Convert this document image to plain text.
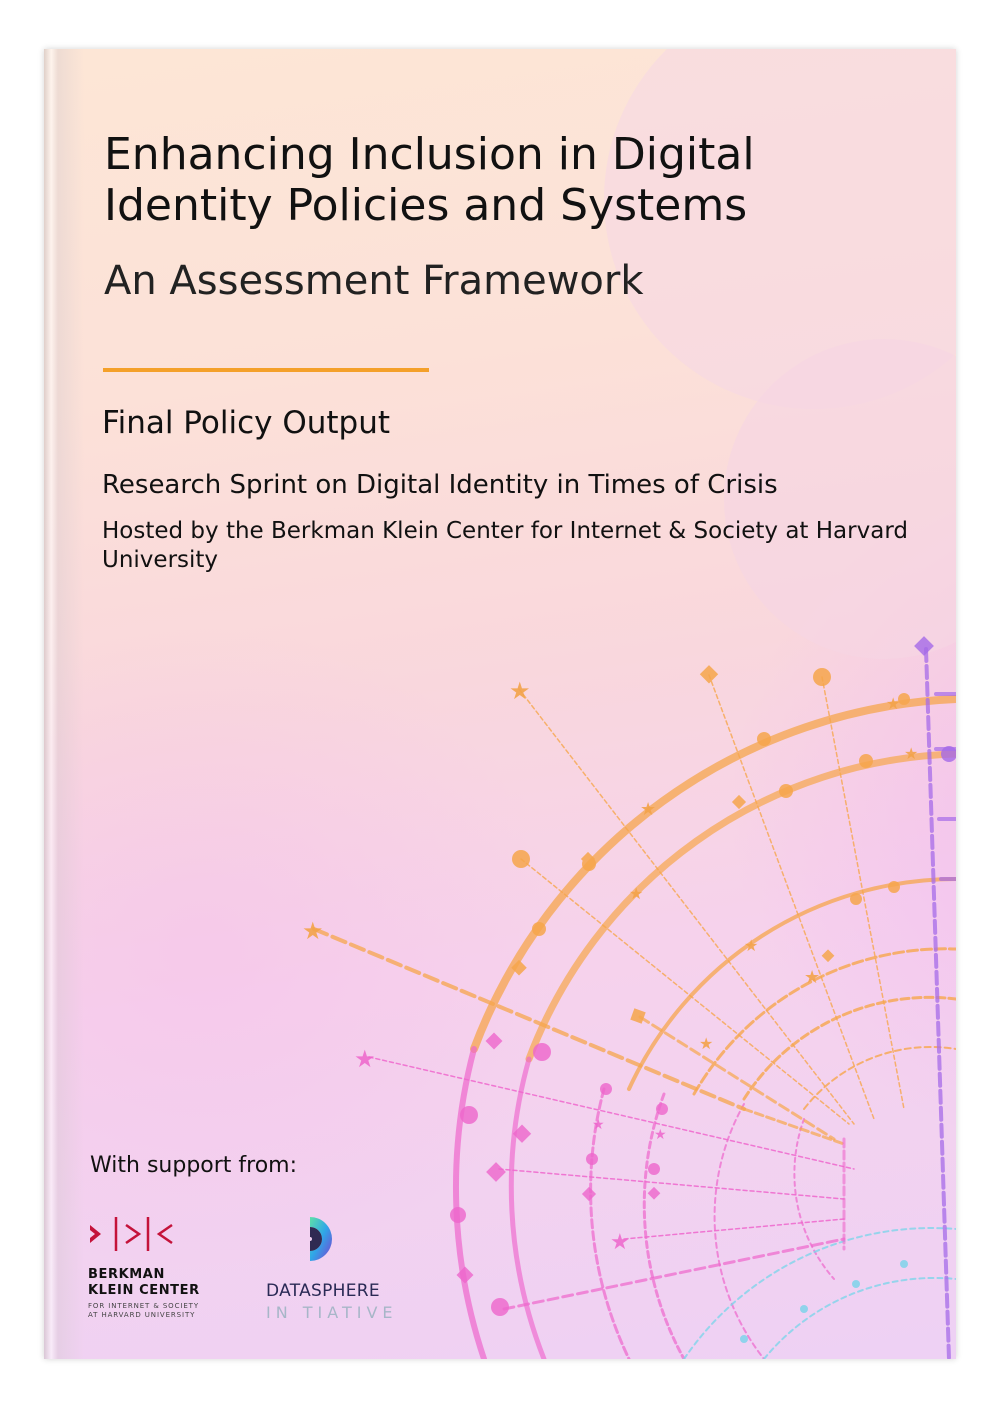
★
★
★
★
★
★
★
★
★
★
★
★
★
Enhancing Inclusion in Digital Identity Policies and Systems
An Assessment Framework
Final Policy Output
Research Sprint on Digital Identity in Times of Crisis
Hosted by the Berkman Klein Center for Internet & Society at Harvard University
With support from:
BERKMAN
KLEIN CENTER
FOR INTERNET & SOCIETY
AT HARVARD UNIVERSITY
DATASPHERE
IN TIATIVE
